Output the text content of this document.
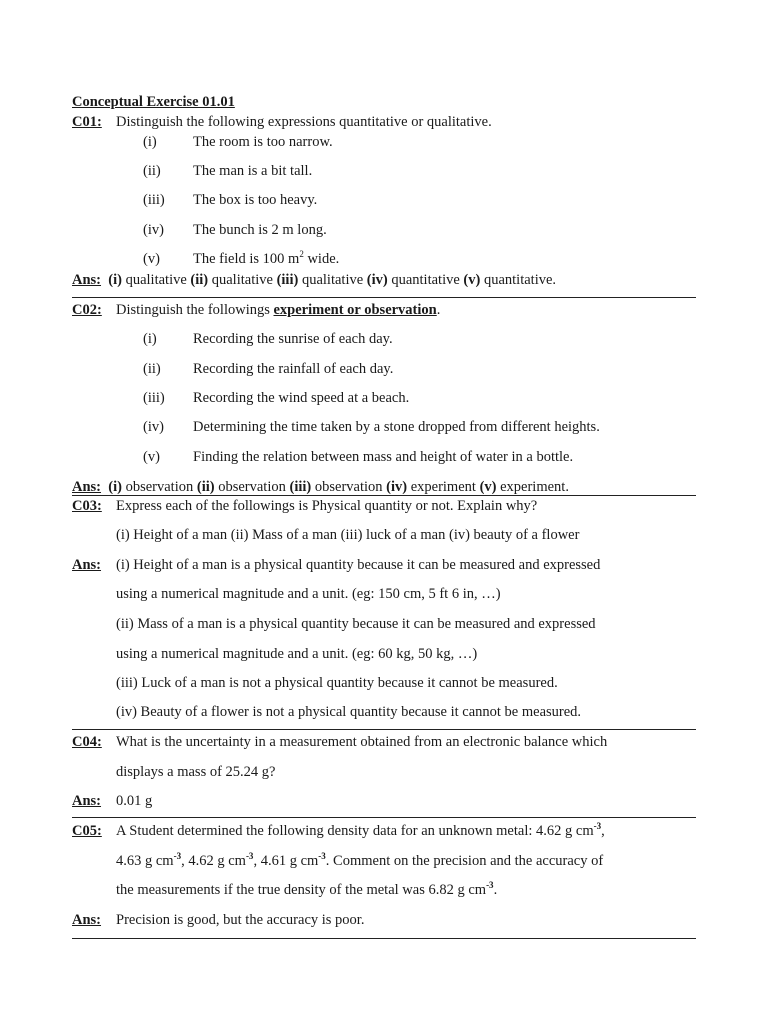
Conceptual Exercise 01.01
C01: Distinguish the following expressions quantitative or qualitative.
(i)	The room is too narrow.
(ii) The man is a bit tall.
(iii) The box is too heavy.
(iv) The bunch is 2 m long.
(v) The field is 100 $m^2$ wide.
Ans: (i) qualitative (ii) qualitative (iii) qualitative (iv) quantitative (v) quantitative.
C02: Distinguish the followings experiment or observation.
(i)	Recording the sunrise of each day.
(ii) Recording the rainfall of each day.
(iii) Recording the wind speed at a beach.
(iv) Determining the time taken by a stone dropped from different heights.
(v) Finding the relation between mass and height of water in a bottle.
Ans: (i) observation (ii) observation (iii) observation (iv) experiment (v) experiment.
C03: Express each of the followings is Physical quantity or not. Explain why?
(i) Height of a man (ii) Mass of a man (iii) luck of a man (iv) beauty of a flower
Ans: (i) Height of a man is a physical quantity because it can be measured and expressed
using a numerical magnitude and a unit. (eg: 150 cm, 5 ft 6 in, …)
(ii) Mass of a man is a physical quantity because it can be measured and expressed
using a numerical magnitude and a unit. (eg: 60 kg, 50 kg, …)
(iii) Luck of a man is not a physical quantity because it cannot be measured.
(iv) Beauty of a flower is not a physical quantity because it cannot be measured.
C04: What is the uncertainty in a measurement obtained from an electronic balance which
displays a mass of 25.24 g?
Ans: 0.01 g
C05: A Student determined the following density data for an unknown metal: 4.62 g $cm^{-3}$,
4.63 g $cm^{-3}$, 4.62 g $cm^{-3}$, 4.61 g $cm^{-3}$. Comment on the precision and the accuracy of
the measurements if the true density of the metal was 6.82 g $cm^{-3}$.
Ans: Precision is good, but the accuracy is poor.
